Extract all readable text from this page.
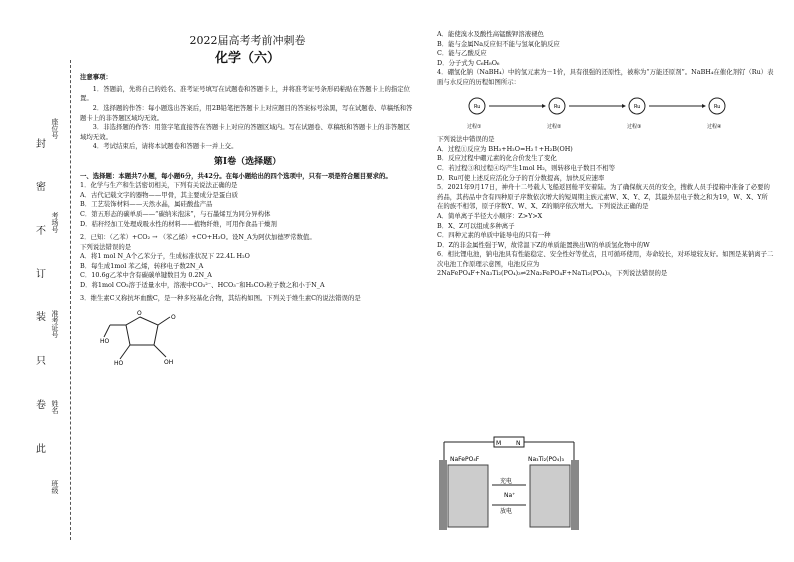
封
密
不
订
装
只
卷
此
座位号
考场号
准考证号
姓名
班级
2022届高考考前冲刺卷
化学（六）
注意事项：

1．答题前，先将自己的姓名、准考证号填写在试题卷和答题卡上，并将准考证号条形码粘贴在答题卡上的指定位置。

2．选择题的作答：每小题选出答案后，用2B铅笔把答题卡上对应题目的答案标号涂黑，写在试题卷、草稿纸和答题卡上的非答题区域均无效。

3．非选择题的作答：用签字笔直接答在答题卡上对应的答题区域内。写在试题卷、草稿纸和答题卡上的非答题区域均无效。

4．考试结束后，请将本试题卷和答题卡一并上交。

第Ⅰ卷（选择题）

一、选择题：本题共7小题，每小题6分，共42分。在每小题给出的四个选项中，只有一项是符合题目要求的。

1．化学与生产和生活密切相关，下列有关说法正确的是

A．古代记载文字的器物——甲骨，其主要成分是蛋白质

B．工艺装饰材料——天然水晶，属硅酸盐产品

C．第五形态的碳单质——“碳纳米泡沫”，与石墨烯互为同分异构体

D．秸秆经加工处理成吸水性的材料——植物纤维，可用作食品干燥剂

2．已知：（乙苯）+CO₂ → （苯乙烯）+CO+H₂O。设N_A为阿伏加德罗常数值。

下列说法错误的是

A．将1 mol N_A个乙苯分子，生成标准状况下 22.4L H₂O

B．每生成1mol 苯乙烯，转移电子数2N_A

C．10.6g乙苯中含有碳碳单键数目为 0.2N_A

D．将1mol CO₂溶于适量水中，溶液中CO₃²⁻、HCO₃⁻和H₂CO₃粒子数之和小于N_A

3．维生素C又称抗坏血酸C，是一种多羟基化合物，其结构如图。下列关于维生素C的说法错误的是

O
OH
HO
O
HO

A．能使溴水及酸性高锰酸钾溶液褪色

B．能与金属Na反应但不能与氢氧化钠反应

C．能与乙酸反应

D．分子式为 C₆H₈O₆

4．硼氢化钠（NaBH₄）中的氢元素为－1价，具有很强的还原性，被称为“万能还原剂”。NaBH₄在催化剂钌（Ru）表面与水反应的历程如图所示：

Ru	Ru	Ru	Ru
过程①	过程②	过程③	过程④

下列说法中错误的是

A．过程①反应为 BH₃+H₂O=H₂↑+H₂B(OH)

B．反应过程中硼元素的化合价发生了变化

C．若过程③和过程④均产生1mol H₂，则转移电子数目不相等

D．Ru可使上述反应活化分子的百分数提高，加快反应速率

5．2021年9月17日，神舟十二号载人飞船返回舱平安着陆。为了确保航天员的安全，搜救人员手提箱中准备了必要的药品，其药品中含有四种原子序数依次增大的短周期主族元素W、X、Y、Z，其最外层电子数之和为19，W、X、Y所在的族不相邻，原子序数Y、W、X、Z的顺序依次增大。下列说法正确的是

A．简单离子半径大小顺序：Z>Y>X

B．X、Z可以组成多种离子

C．四种元素的单质中能导电的只有一种

D．Z的非金属性强于W，故常温下Z的单质能置换出W的单质氢化物中的W

6．相比锂电池，钠电池具有性能稳定、安全性好等优点，且可循环使用，寿命较长，对环境较友好。如图是某钠离子二次电池工作原理示意图，电池反应为

2NaFePO₄F+Na₃Ti₂(PO₄)₃⇌2Na₂FePO₄F+NaTi₂(PO₄)₃，下列说法错误的是

M N
NaFePO₄F	Na₃Ti₂(PO₄)₃
充电
Na⁺
放电
